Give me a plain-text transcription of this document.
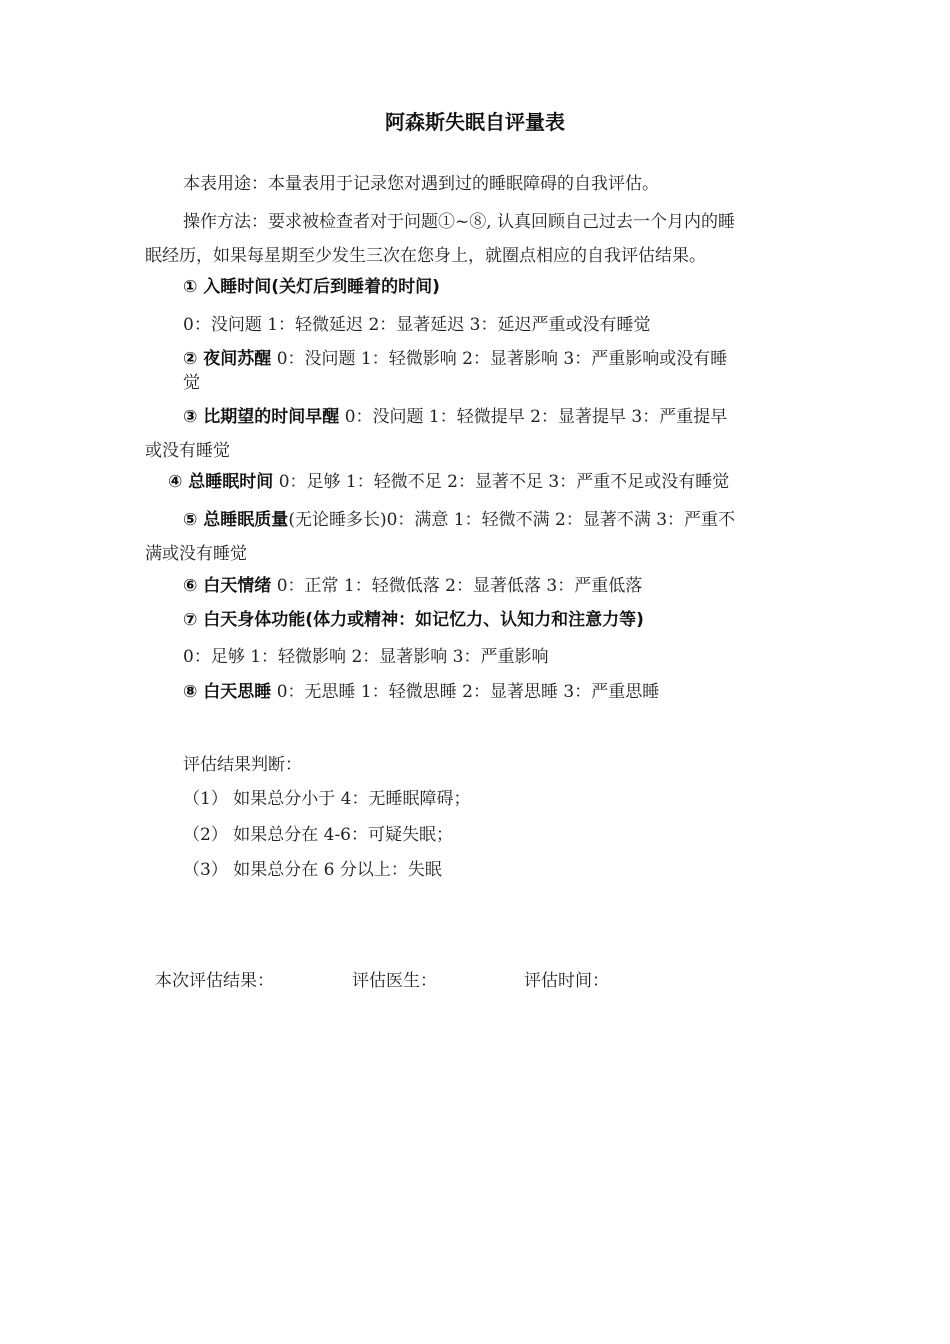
阿森斯失眠自评量表
本表用途：本量表用于记录您对遇到过的睡眠障碍的自我评估。
操作方法：要求被检查者对于问题①~⑧, 认真回顾自己过去一个月内的睡
眠经历，如果每星期至少发生三次在您身上，就圈点相应的自我评估结果。
① 入睡时间(关灯后到睡着的时间)
0：没问题 1：轻微延迟 2：显著延迟 3：延迟严重或没有睡觉
② 夜间苏醒 0：没问题 1：轻微影响 2：显著影响 3：严重影响或没有睡
觉
③ 比期望的时间早醒 0：没问题 1：轻微提早 2：显著提早 3：严重提早
或没有睡觉
④ 总睡眠时间 0：足够 1：轻微不足 2：显著不足 3：严重不足或没有睡觉
⑤ 总睡眠质量(无论睡多长)0：满意 1：轻微不满 2：显著不满 3：严重不
满或没有睡觉
⑥ 白天情绪 0：正常 1：轻微低落 2：显著低落 3：严重低落
⑦ 白天身体功能(体力或精神：如记忆力、认知力和注意力等)
0：足够 1：轻微影响 2：显著影响 3：严重影响
⑧ 白天思睡 0：无思睡 1：轻微思睡 2：显著思睡 3：严重思睡
评估结果判断：
（1） 如果总分小于 4：无睡眠障碍；
（2） 如果总分在 4-6：可疑失眠；
（3） 如果总分在 6 分以上：失眠
本次评估结果：	评估医生：	评估时间：
